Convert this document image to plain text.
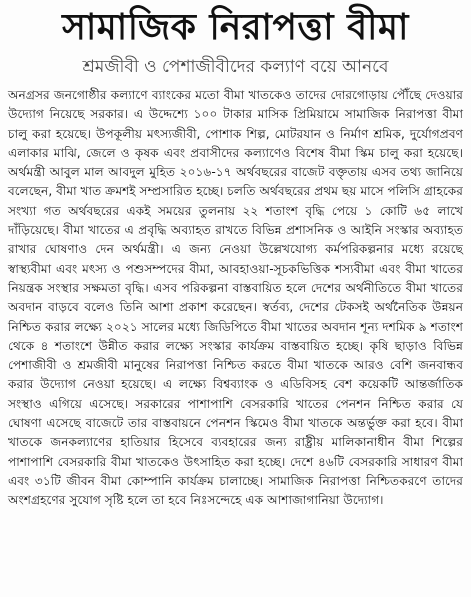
সামাজিক নিরাপত্তা বীমা
শ্রমজীবী ও পেশাজীবীদের কল্যাণ বয়ে আনবে

অনগ্রসর জনগোষ্ঠীর কল্যাণে ব্যাংকের মতো বীমা খাতকেও তাদের দোরগোড়ায় পৌঁছে দেওয়ার উদ্যোগ নিয়েছে সরকার। এ উদ্দেশ্যে ১০০ টাকার মাসিক প্রিমিয়ামে সামাজিক নিরাপত্তা বীমা চালু করা হয়েছে। উপকূলীয় মৎস্যজীবী, পোশাক শিল্প, মোটরযান ও নির্মাণ শ্রমিক, দুর্যোগপ্রবণ এলাকার মাঝি, জেলে ও কৃষক এবং প্রবাসীদের কল্যাণেও বিশেষ বীমা স্কিম চালু করা হয়েছে। অর্থমন্ত্রী আবুল মাল আবদুল মুহিত ২০১৬-১৭ অর্থবছরের বাজেট বক্তৃতায় এসব তথ্য জানিয়ে বলেছেন, বীমা খাত ক্রমশই সম্প্রসারিত হচ্ছে। চলতি অর্থবছরের প্রথম ছয় মাসে পলিসি গ্রাহকের সংখ্যা গত অর্থবছরের একই সময়ের তুলনায় ২২ শতাংশ বৃদ্ধি পেয়ে ১ কোটি ৬৫ লাখে দাঁড়িয়েছে। বীমা খাতের এ প্রবৃদ্ধি অব্যাহত রাখতে বিভিন্ন প্রশাসনিক ও আইনি সংস্কার অব্যাহত রাখার ঘোষণাও দেন অর্থমন্ত্রী। এ জন্য নেওয়া উল্লেখযোগ্য কর্মপরিকল্পনার মধ্যে রয়েছে স্বাস্থ্যবীমা এবং মৎস্য ও পশুসম্পদের বীমা, আবহাওয়া-সূচকভিত্তিক শস্যবীমা এবং বীমা খাতের নিয়ন্ত্রক সংস্থার সক্ষমতা বৃদ্ধি। এসব পরিকল্পনা বাস্তবায়িত হলে দেশের অর্থনীতিতে বীমা খাতের অবদান বাড়বে বলেও তিনি আশা প্রকাশ করেছেন। স্বর্তব্য, দেশের টেকসই অর্থনৈতিক উন্নয়ন নিশ্চিত করার লক্ষ্যে ২০২১ সালের মধ্যে জিডিপিতে বীমা খাতের অবদান শূন্য দশমিক ৯ শতাংশ থেকে ৪ শতাংশে উন্নীত করার লক্ষ্যে সংস্কার কার্যক্রম বাস্তবায়িত হচ্ছে। কৃষি ছাড়াও বিভিন্ন পেশাজীবী ও শ্রমজীবী মানুষের নিরাপত্তা নিশ্চিত করতে বীমা খাতকে আরও বেশি জনবান্ধব করার উদ্যোগ নেওয়া হয়েছে। এ লক্ষ্যে বিশ্বব্যাংক ও এডিবিসহ বেশ কয়েকটি আন্তর্জাতিক সংস্থাও এগিয়ে এসেছে। সরকারের পাশাপাশি বেসরকারি খাতের পেনশন নিশ্চিত করার যে ঘোষণা এসেছে বাজেটে তার বাস্তবায়নে পেনশন স্কিমেও বীমা খাতকে অন্তর্ভুক্ত করা হবে। বীমা খাতকে জনকল্যাণের হাতিয়ার হিসেবে ব্যবহারের জন্য রাষ্ট্রীয় মালিকানাধীন বীমা শিল্পের পাশাপাশি বেসরকারি বীমা খাতকেও উৎসাহিত করা হচ্ছে। দেশে ৪৬টি বেসরকারি সাধারণ বীমা এবং ৩১টি জীবন বীমা কোম্পানি কার্যক্রম চালাচ্ছে। সামাজিক নিরাপত্তা নিশ্চিতকরণে তাদের অংশগ্রহণের সুযোগ সৃষ্টি হলে তা হবে নিঃসন্দেহে এক আশাজাগানিয়া উদ্যোগ।
